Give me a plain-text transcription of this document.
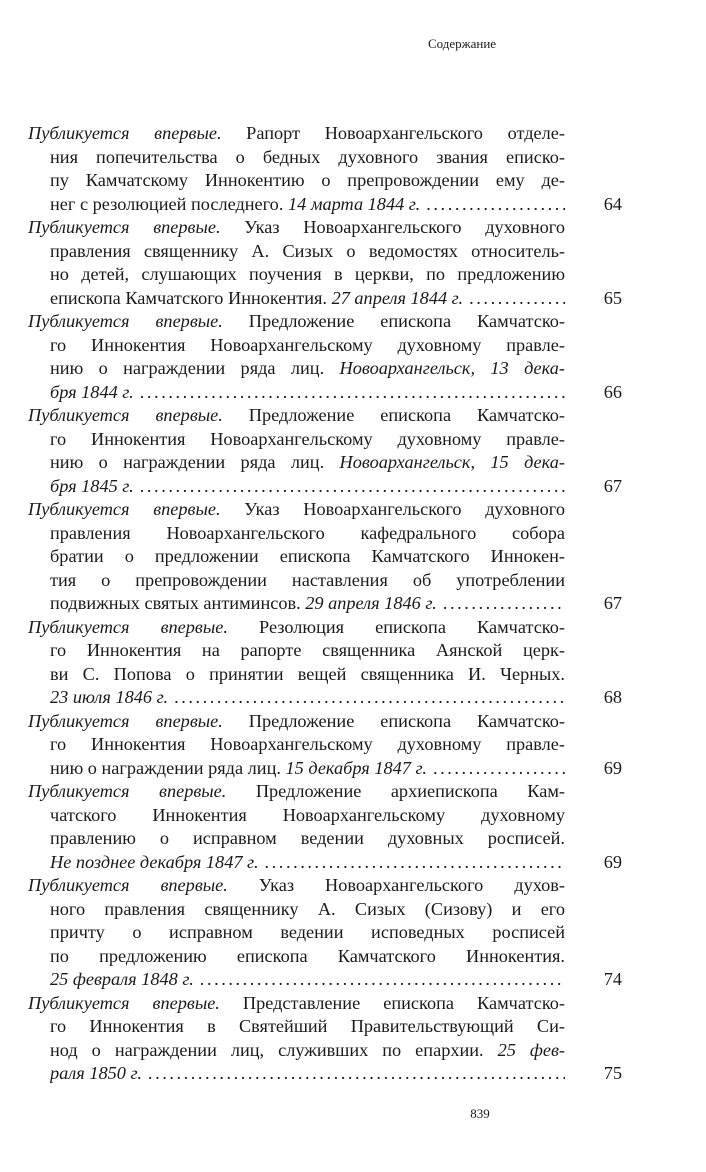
Содержание
Публикуется впервые. Рапорт Новоархангельского отделе-
ния попечительства о бедных духовного звания еписко-
пу Камчатскому Иннокентию о препровождении ему де-
нег с резолюцией последнего. 14 марта 1844 г. . . .	64
Публикуется впервые. Указ Новоархангельского духовного
правления священнику А. Сизых о ведомостях относитель-
но детей, слушающих поучения в церкви, по предложению
епископа Камчатского Иннокентия. 27 апреля 1844 г. . . .	65
Публикуется впервые. Предложение епископа Камчатско-
го Иннокентия Новоархангельскому духовному правле-
нию о награждении ряда лиц. Новоархангельск, 13 дека-
бря 1844 г. . . .	66
Публикуется впервые. Предложение епископа Камчатско-
го Иннокентия Новоархангельскому духовному правле-
нию о награждении ряда лиц. Новоархангельск, 15 дека-
бря 1845 г. . . .	67
Публикуется впервые. Указ Новоархангельского духовного
правления Новоархангельского кафедрального собора
братии о предложении епископа Камчатского Иннокен-
тия о препровождении наставления об употреблении
подвижных святых антиминсов. 29 апреля 1846 г. . . .	67
Публикуется впервые. Резолюция епископа Камчатско-
го Иннокентия на рапорте священника Аянской церк-
ви С. Попова о принятии вещей священника И. Черных.
23 июля 1846 г. . . .	68
Публикуется впервые. Предложение епископа Камчатско-
го Иннокентия Новоархангельскому духовному правле-
нию о награждении ряда лиц. 15 декабря 1847 г. . . .	69
Публикуется впервые. Предложение архиепископа Кам-
чатского Иннокентия Новоархангельскому духовному
правлению о исправном ведении духовных росписей.
Не позднее декабря 1847 г. . . .	69
Публикуется впервые. Указ Новоархангельского духов-
ного правления священнику А. Сизых (Сизову) и его
причту о исправном ведении исповедных росписей
по предложению епископа Камчатского Иннокентия.
25 февраля 1848 г. . . .	74
Публикуется впервые. Представление епископа Камчатско-
го Иннокентия в Святейший Правительствующий Си-
нод о награждении лиц, служивших по епархии. 25 фев-
раля 1850 г. . . .	75
839
